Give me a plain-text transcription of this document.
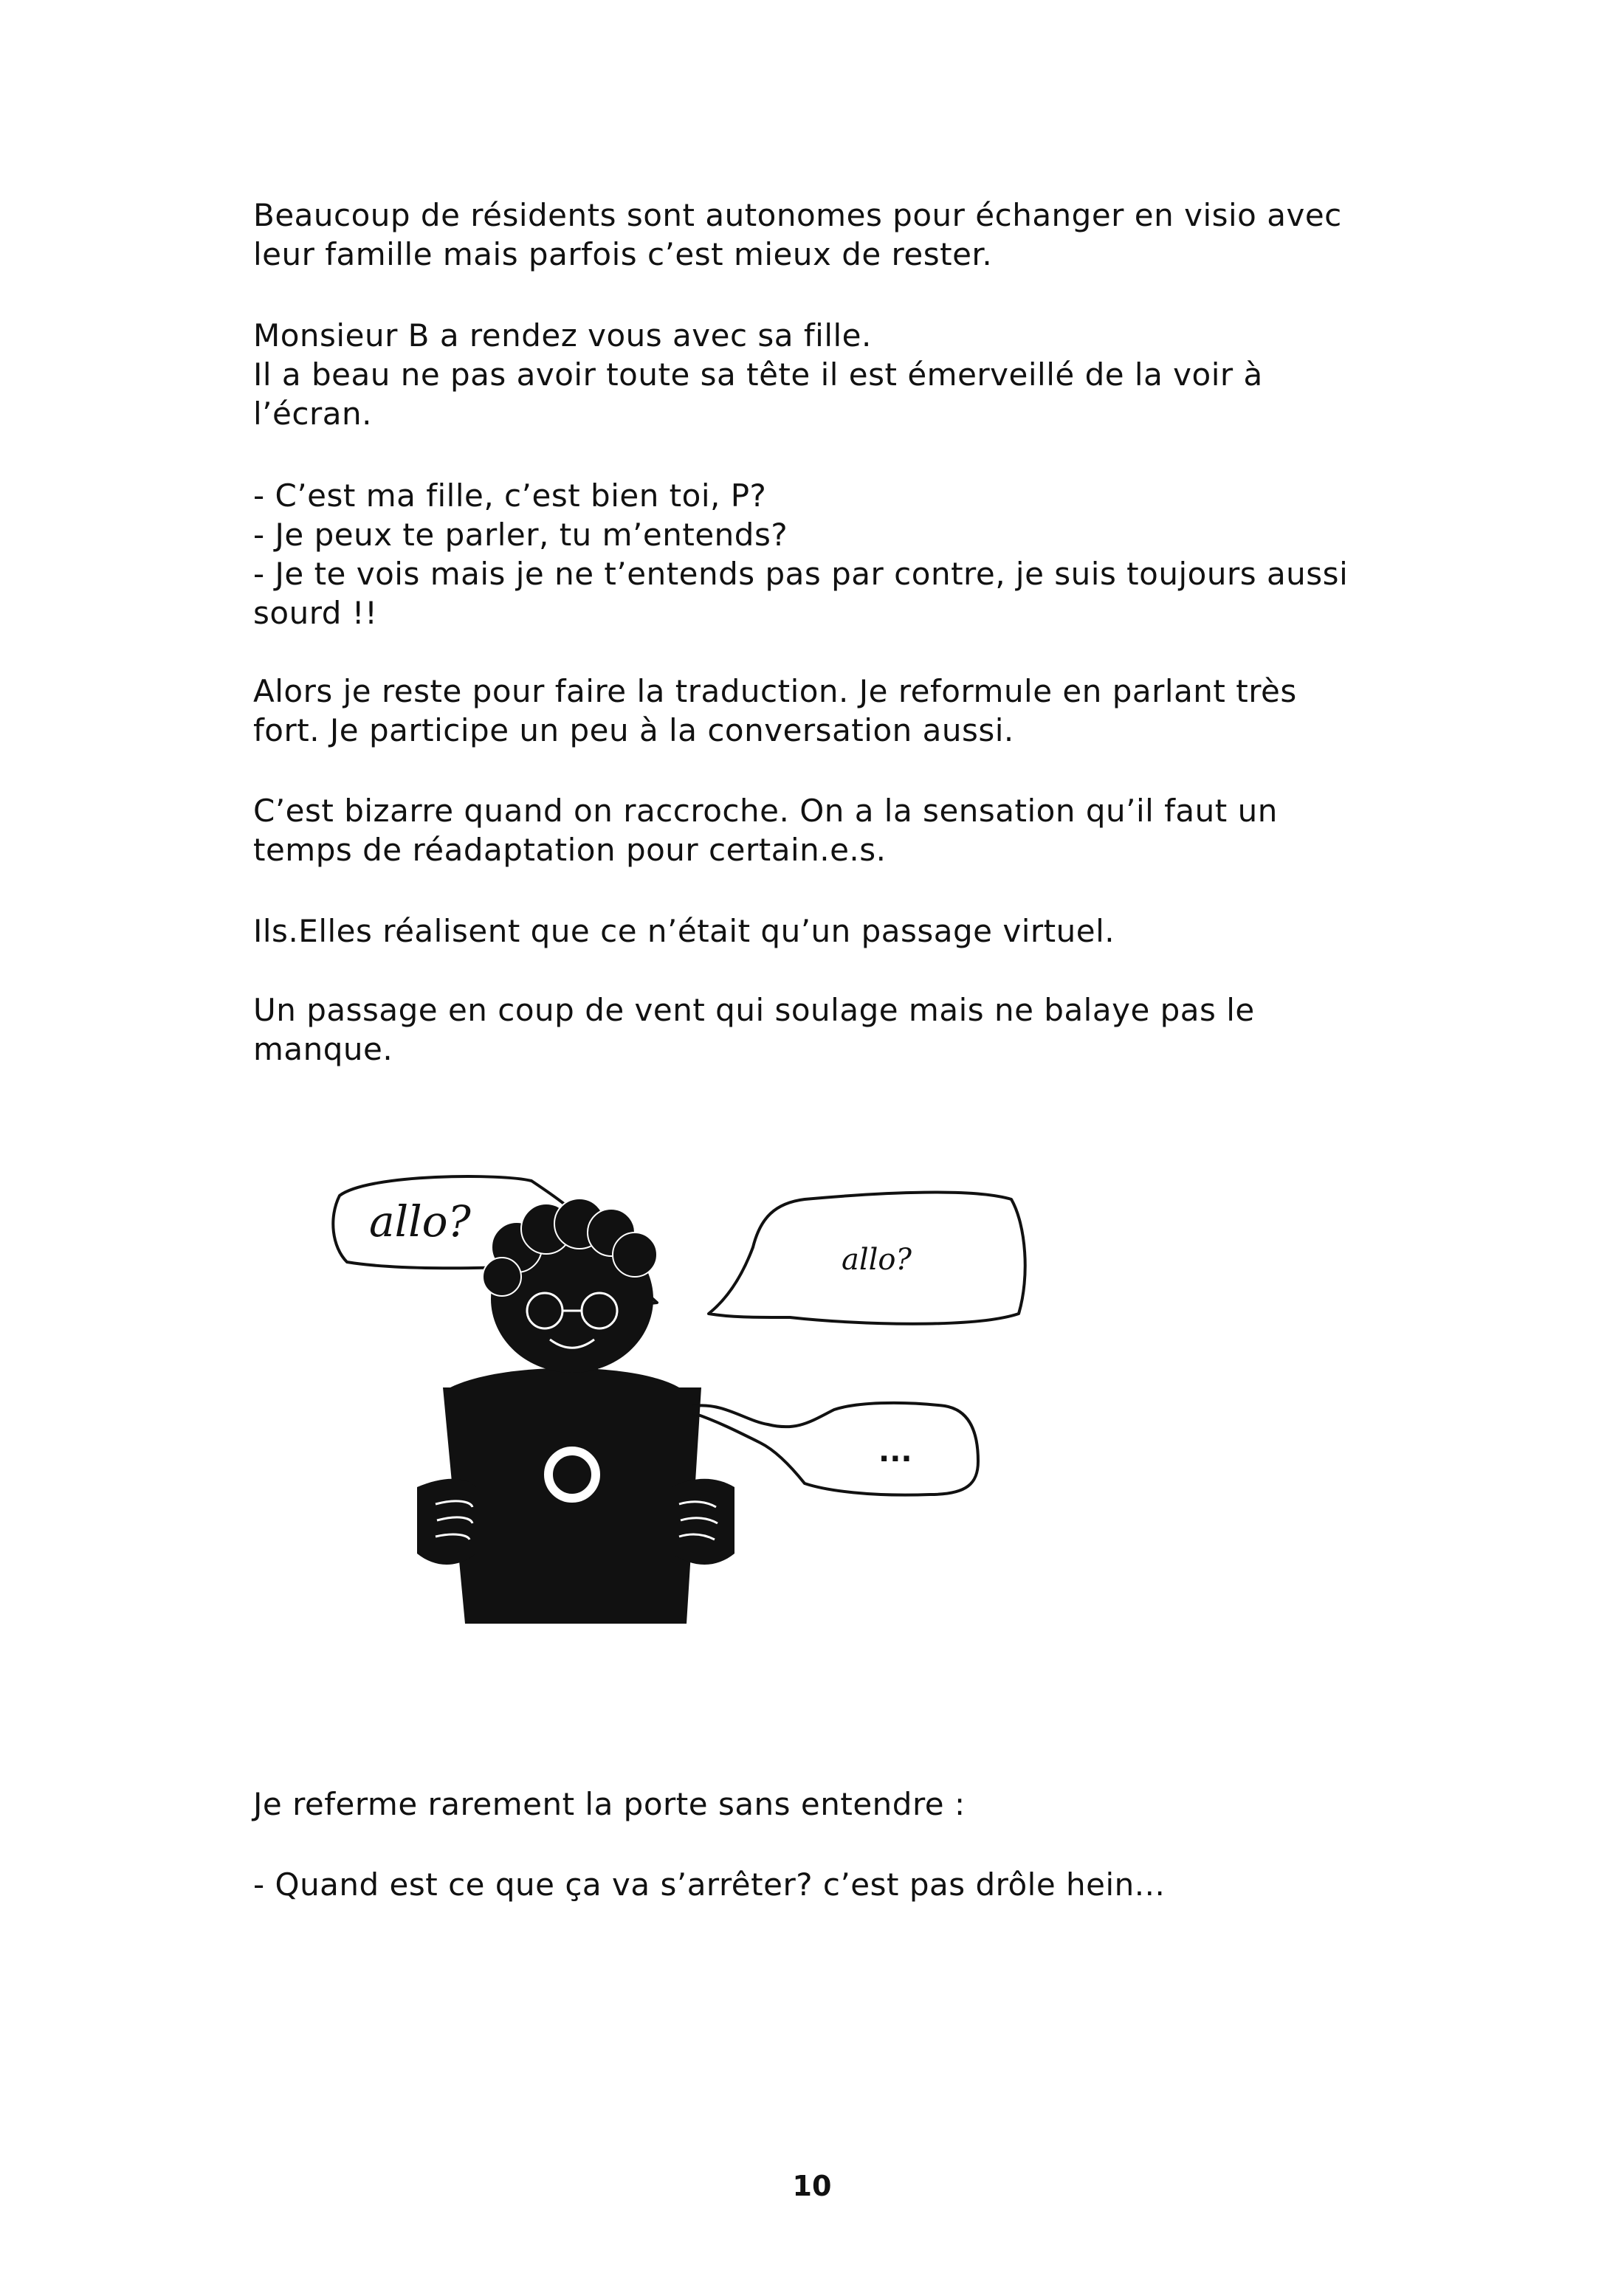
Beaucoup de résidents sont autonomes pour échanger en visio avec

leur famille mais parfois c’est mieux de rester.

Monsieur B a rendez vous avec sa fille.

Il a beau ne pas avoir toute sa tête il est émerveillé de la voir à

l’écran.

- C’est ma fille, c’est bien toi, P?

- Je peux te parler, tu m’entends?

- Je te vois mais je ne t’entends pas par contre, je suis toujours aussi

sourd !!

Alors je reste pour faire la traduction. Je reformule en parlant très

fort. Je participe un peu à la conversation aussi.

C’est bizarre quand on raccroche. On a la sensation qu’il faut un

temps de réadaptation pour certain.e.s.

Ils.Elles réalisent que ce n’était qu’un passage virtuel.

Un passage en coup de vent qui soulage mais ne balaye pas le

manque.

allo?
allo?
...

Je referme rarement la porte sans entendre :

- Quand est ce que ça va s’arrêter? c’est pas drôle hein...

10
